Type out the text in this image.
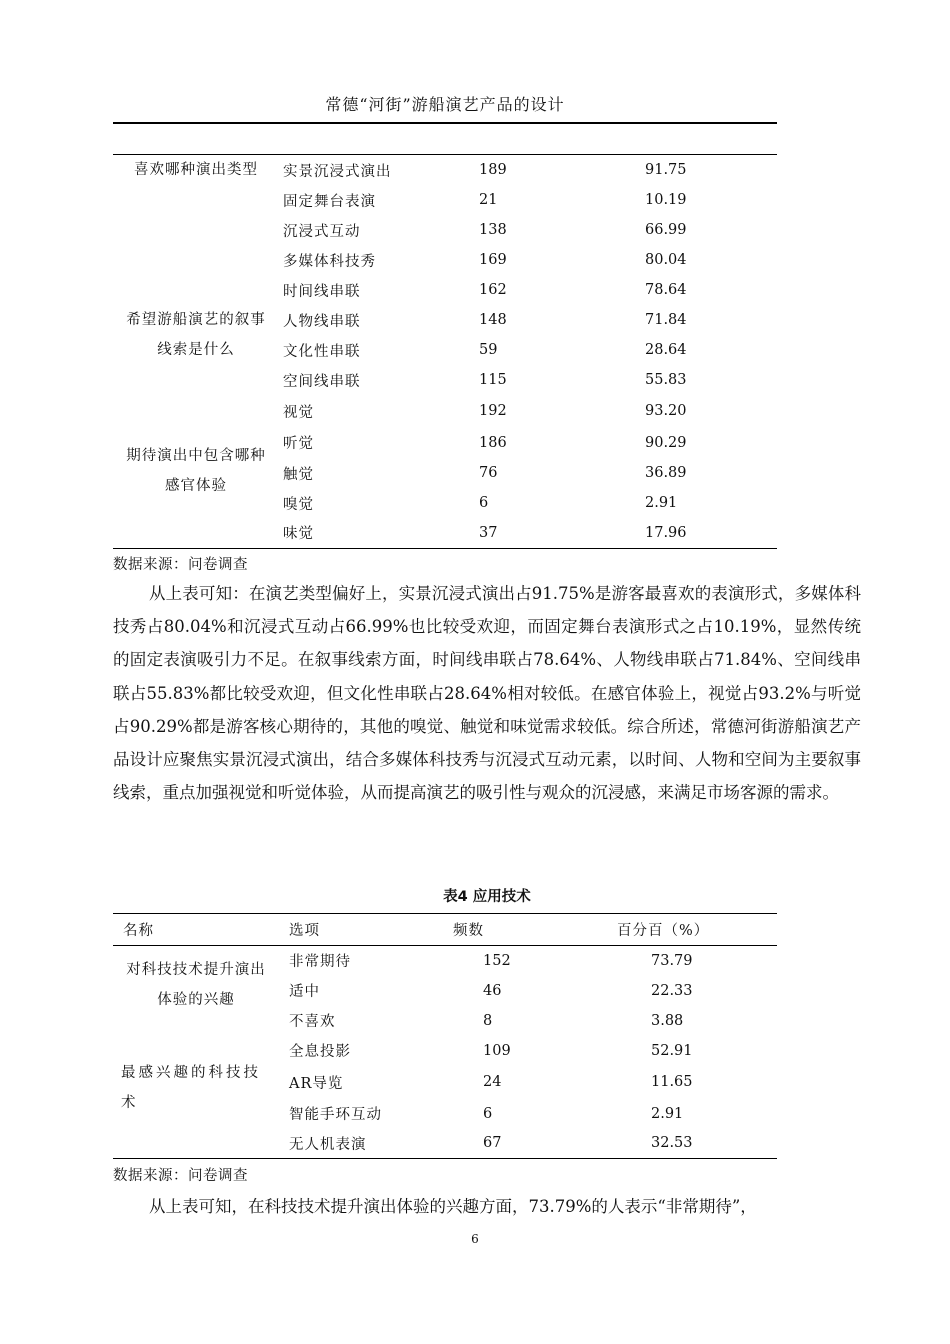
常德“河街”游船演艺产品的设计
喜欢哪种演出类型	实景沉浸式演出	189	91.75
	固定舞台表演	21	10.19
	沉浸式互动	138	66.99
	多媒体科技秀	169	80.04
希望游船演艺的叙事线索是什么	时间线串联	162	78.64
	人物线串联	148	71.84
	文化性串联	59	28.64
	空间线串联	115	55.83
期待演出中包含哪种感官体验	视觉	192	93.20
	听觉	186	90.29
	触觉	76	36.89
	嗅觉	6	2.91
	味觉	37	17.96
数据来源：问卷调查
从上表可知：在演艺类型偏好上，实景沉浸式演出占91.75%是游客最喜欢的表演形式，多媒体科技秀占80.04%和沉浸式互动占66.99%也比较受欢迎，而固定舞台表演形式之占10.19%，显然传统的固定表演吸引力不足。在叙事线索方面，时间线串联占78.64%、人物线串联占71.84%、空间线串联占55.83%都比较受欢迎，但文化性串联占28.64%相对较低。在感官体验上，视觉占93.2%与听觉占90.29%都是游客核心期待的，其他的嗅觉、触觉和味觉需求较低。综合所述，常德河街游船演艺产品设计应聚焦实景沉浸式演出，结合多媒体科技秀与沉浸式互动元素，以时间、人物和空间为主要叙事线索，重点加强视觉和听觉体验，从而提高演艺的吸引性与观众的沉浸感，来满足市场客源的需求。
表4 应用技术
名称	选项	频数	百分百（%）
对科技技术提升演出体验的兴趣	非常期待	152	73.79
	适中	46	22.33
	不喜欢	8	3.88
最感兴趣的科技技术	全息投影	109	52.91
	AR导览	24	11.65
	智能手环互动	6	2.91
	无人机表演	67	32.53
数据来源：问卷调查
从上表可知，在科技技术提升演出体验的兴趣方面，73.79%的人表示“非常期待”，
6
